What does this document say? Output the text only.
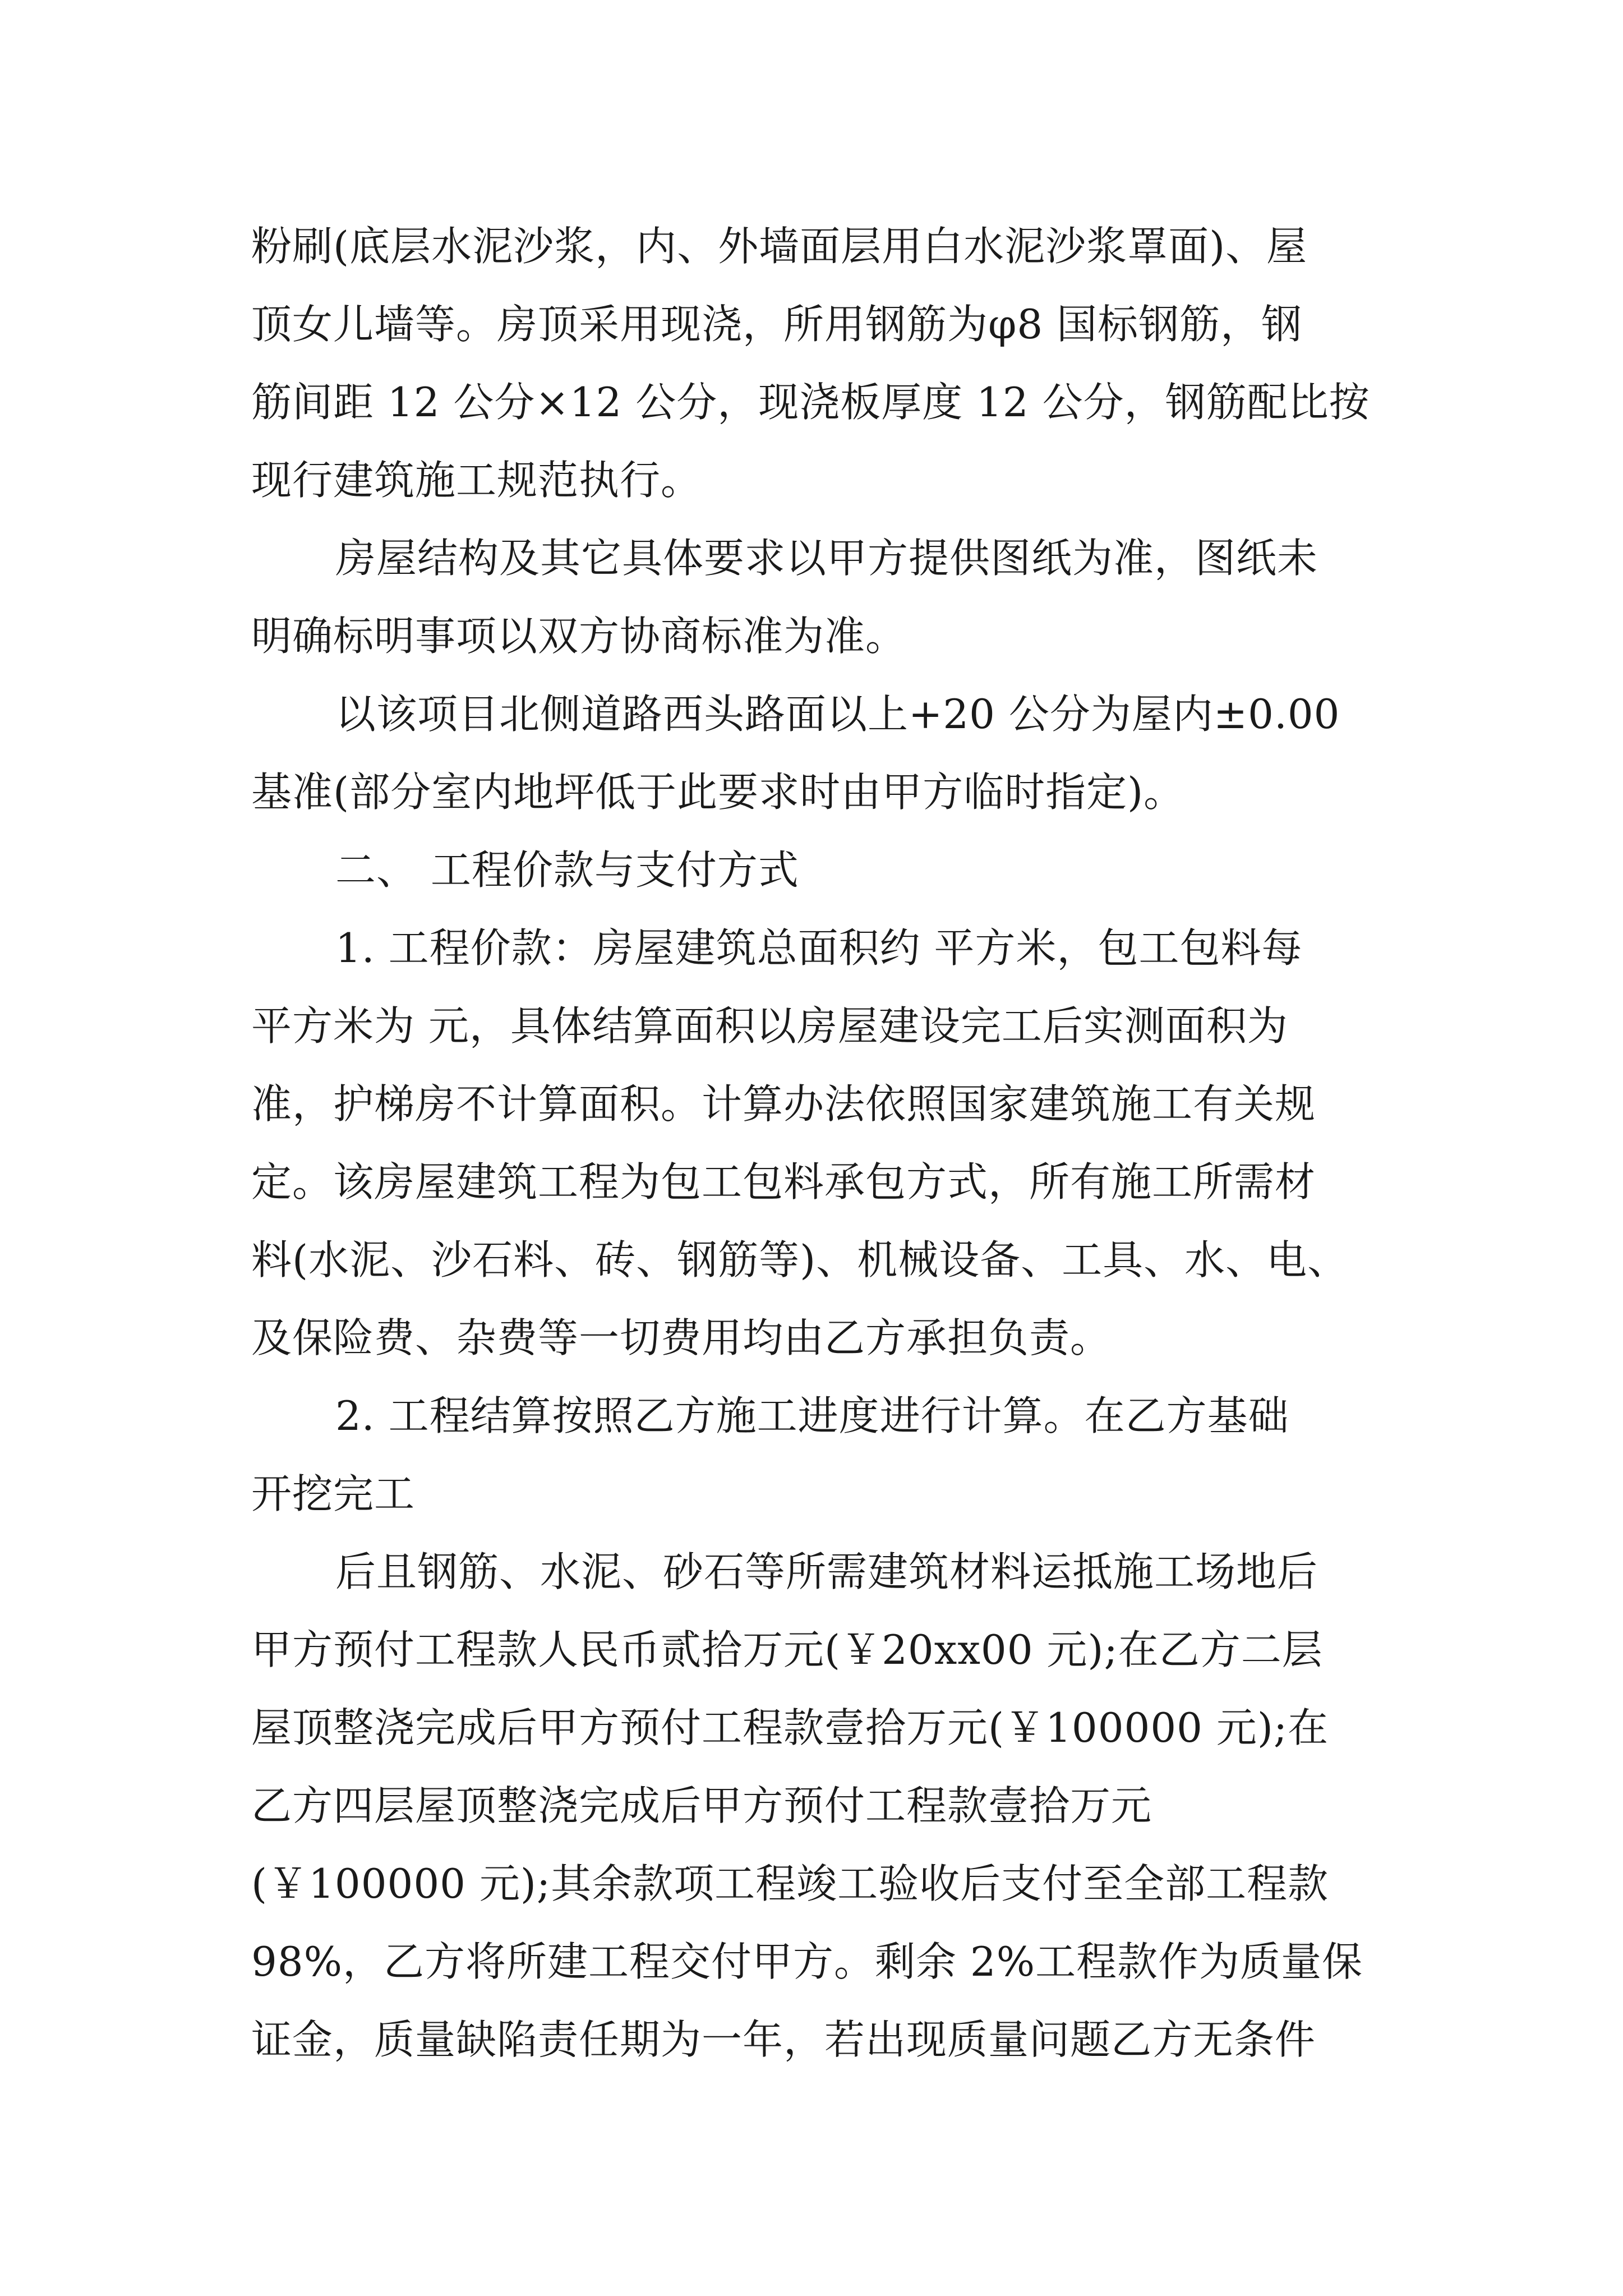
粉刷(底层水泥沙浆，内、外墙面层用白水泥沙浆罩面)、屋
顶女儿墙等。房顶采用现浇，所用钢筋为φ8 国标钢筋，钢
筋间距 12 公分×12 公分，现浇板厚度 12 公分，钢筋配比按
现行建筑施工规范执行。
房屋结构及其它具体要求以甲方提供图纸为准，图纸未
明确标明事项以双方协商标准为准。
以该项目北侧道路西头路面以上+20 公分为屋内±0.00
基准(部分室内地坪低于此要求时由甲方临时指定)。
二、 工程价款与支付方式
1. 工程价款：房屋建筑总面积约 平方米，包工包料每
平方米为 元，具体结算面积以房屋建设完工后实测面积为
准，护梯房不计算面积。计算办法依照国家建筑施工有关规
定。该房屋建筑工程为包工包料承包方式，所有施工所需材
料(水泥、沙石料、砖、钢筋等)、机械设备、工具、水、电、
及保险费、杂费等一切费用均由乙方承担负责。
2. 工程结算按照乙方施工进度进行计算。在乙方基础
开挖完工
后且钢筋、水泥、砂石等所需建筑材料运抵施工场地后
甲方预付工程款人民币贰拾万元(￥20xx00 元);在乙方二层
屋顶整浇完成后甲方预付工程款壹拾万元(￥100000 元);在
乙方四层屋顶整浇完成后甲方预付工程款壹拾万元
(￥100000 元);其余款项工程竣工验收后支付至全部工程款
98%，乙方将所建工程交付甲方。剩余 2%工程款作为质量保
证金，质量缺陷责任期为一年，若出现质量问题乙方无条件
